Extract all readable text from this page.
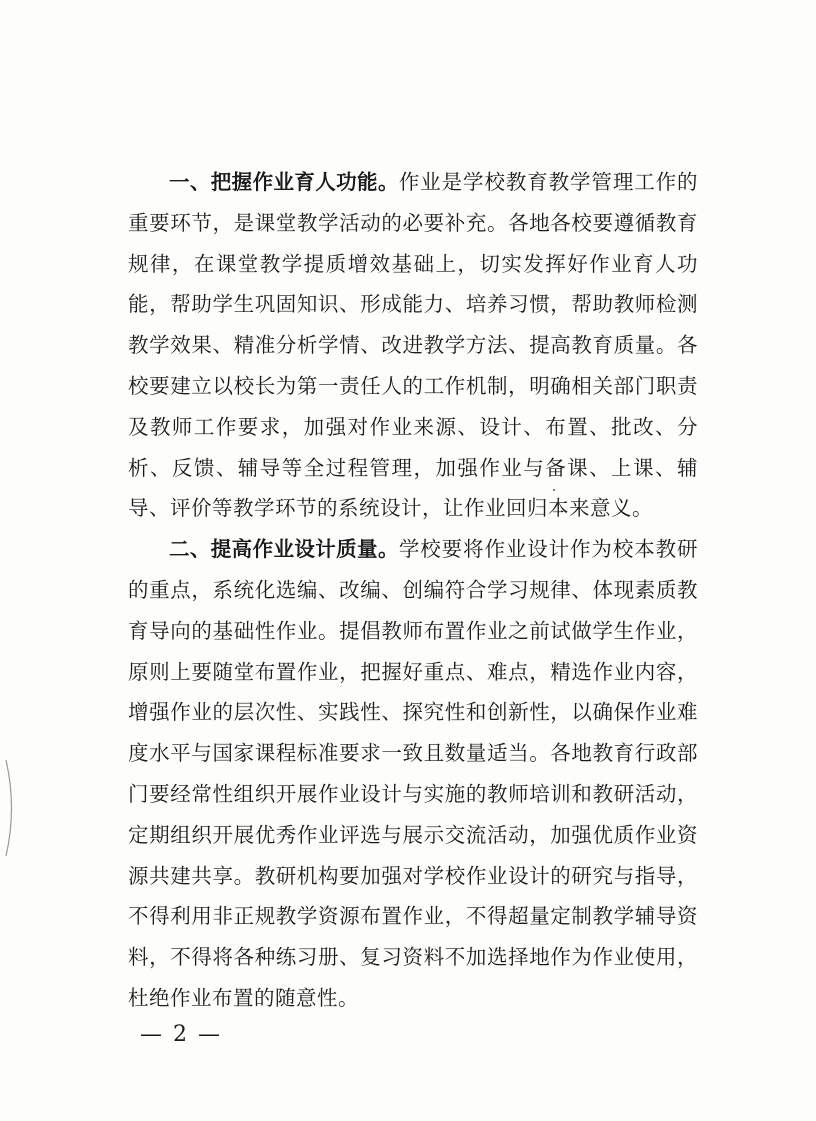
一、把握作业育人功能。作业是学校教育教学管理工作的重要环节，是课堂教学活动的必要补充。各地各校要遵循教育规律，在课堂教学提质增效基础上，切实发挥好作业育人功能，帮助学生巩固知识、形成能力、培养习惯，帮助教师检测教学效果、精准分析学情、改进教学方法、提高教育质量。各校要建立以校长为第一责任人的工作机制，明确相关部门职责及教师工作要求，加强对作业来源、设计、布置、批改、分析、反馈、辅导等全过程管理，加强作业与备课、上课、辅导、评价等教学环节的系统设计，让作业回归本来意义。

二、提高作业设计质量。学校要将作业设计作为校本教研的重点，系统化选编、改编、创编符合学习规律、体现素质教育导向的基础性作业。提倡教师布置作业之前试做学生作业，原则上要随堂布置作业，把握好重点、难点，精选作业内容，增强作业的层次性、实践性、探究性和创新性，以确保作业难度水平与国家课程标准要求一致且数量适当。各地教育行政部门要经常性组织开展作业设计与实施的教师培训和教研活动，定期组织开展优秀作业评选与展示交流活动，加强优质作业资源共建共享。教研机构要加强对学校作业设计的研究与指导，不得利用非正规教学资源布置作业，不得超量定制教学辅导资料，不得将各种练习册、复习资料不加选择地作为作业使用，杜绝作业布置的随意性。

— 2 —
